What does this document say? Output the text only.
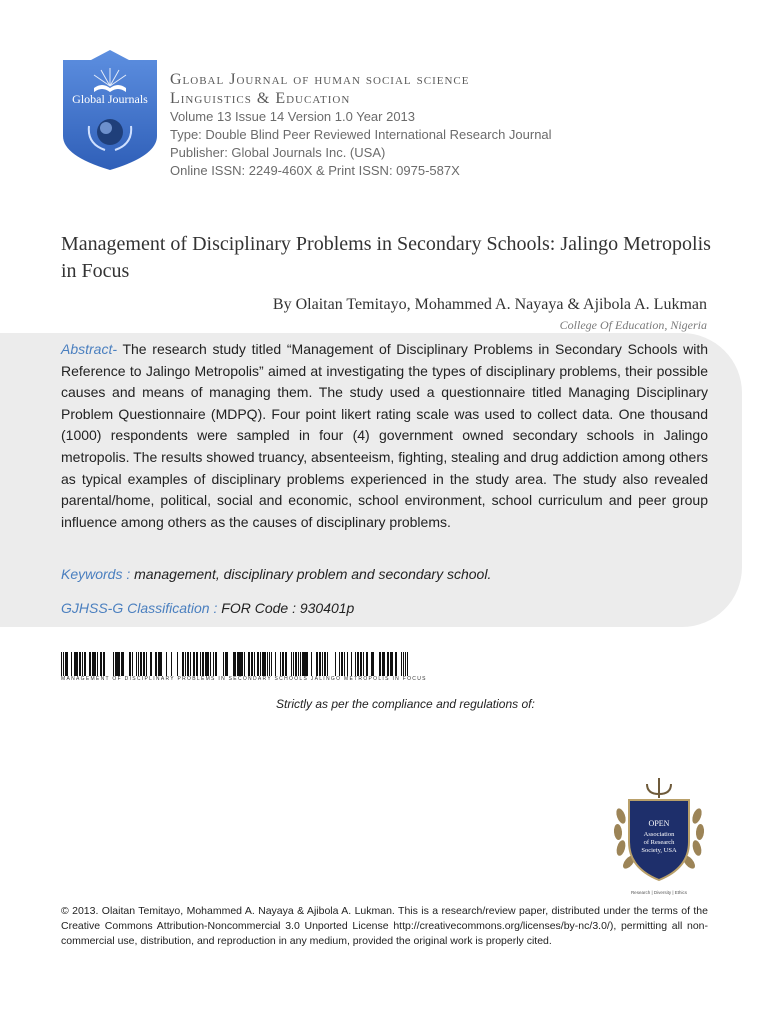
Global Journals
Global Journal of human social science
Linguistics & Education
Volume 13 Issue 14 Version 1.0 Year 2013
Type: Double Blind Peer Reviewed International Research Journal
Publisher: Global Journals Inc. (USA)
Online ISSN: 2249-460X & Print ISSN: 0975-587X
Management of Disciplinary Problems in Secondary Schools: Jalingo Metropolis in Focus
By Olaitan Temitayo, Mohammed A. Nayaya & Ajibola A. Lukman
College Of Education, Nigeria
Abstract- The research study titled “Management of Disciplinary Problems in Secondary Schools with Reference to Jalingo Metropolis” aimed at investigating the types of disciplinary problems, their possible causes and means of managing them. The study used a questionnaire titled Managing Disciplinary Problem Questionnaire (MDPQ). Four point likert rating scale was used to collect data. One thousand (1000) respondents were sampled in four (4) government owned secondary schools in Jalingo metropolis. The results showed truancy, absenteeism, fighting, stealing and drug addiction among others as typical examples of disciplinary problems experienced in the study area. The study also revealed parental/home, political, social and economic, school environment, school curriculum and peer group influence among others as the causes of disciplinary problems.
Keywords : management, disciplinary problem and secondary school.
GJHSS-G Classification : FOR Code : 930401p
MANAGEMENT OF DISCIPLINARY PROBLEMS IN SECONDARY SCHOOLS JALINGO METROPOLIS IN FOCUS
Strictly as per the compliance and regulations of:
OPEN
Association
of Research
Society, USA
Research | Diversity | Ethics
© 2013. Olaitan Temitayo, Mohammed A. Nayaya & Ajibola A. Lukman. This is a research/review paper, distributed under the terms of the Creative Commons Attribution-Noncommercial 3.0 Unported License http://creativecommons.org/licenses/by-nc/3.0/), permitting all non-commercial use, distribution, and reproduction in any medium, provided the original work is properly cited.
